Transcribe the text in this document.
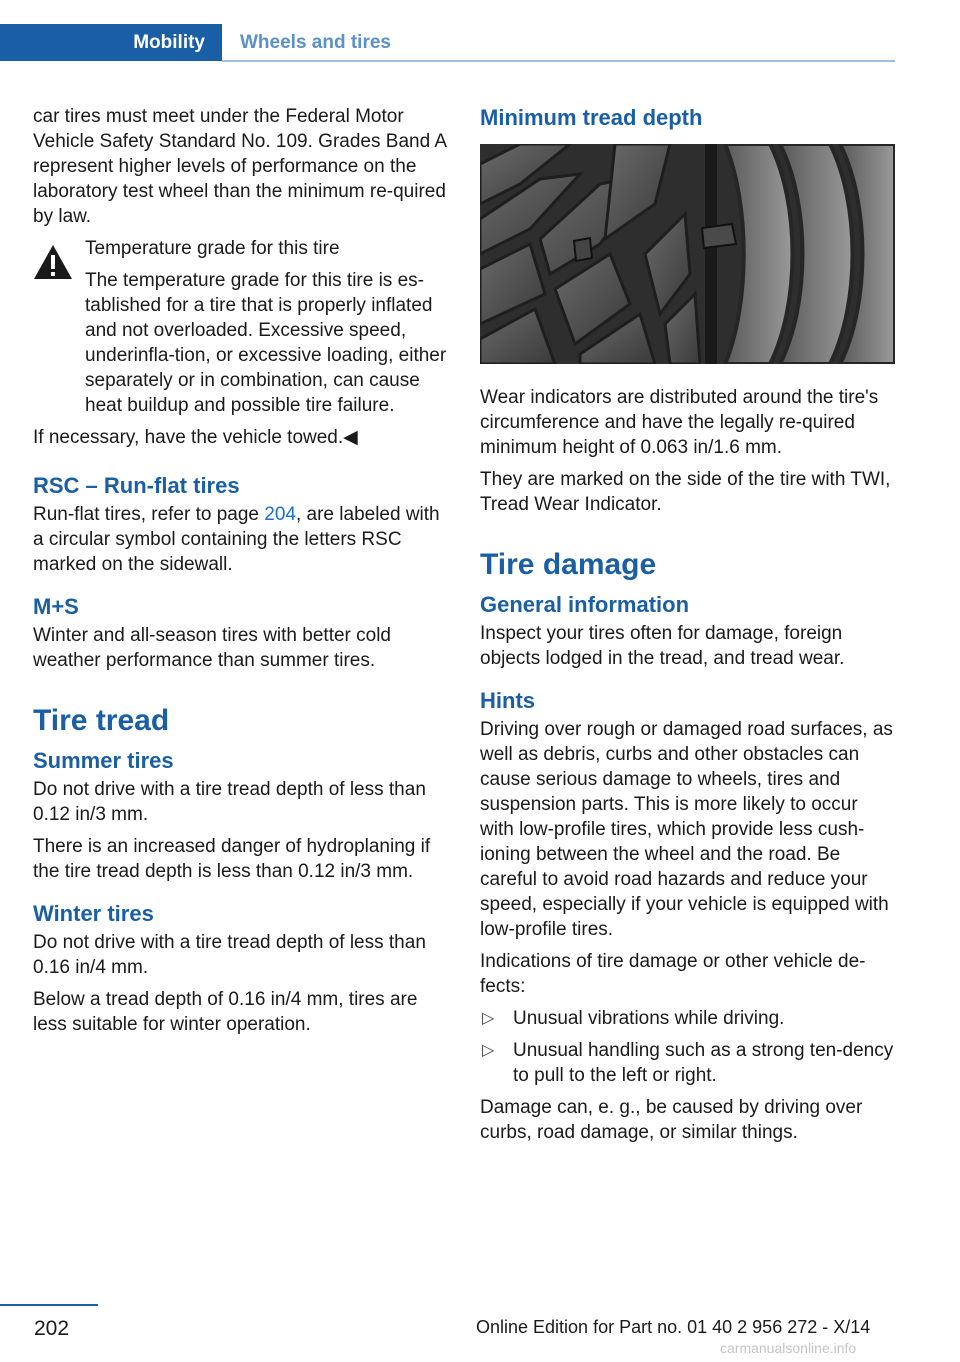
Mobility	Wheels and tires

car tires must meet under the Federal Motor Vehicle Safety Standard No. 109. Grades Band A represent higher levels of performance on the laboratory test wheel than the minimum re‐quired by law.

Temperature grade for this tire

The temperature grade for this tire is es‐tablished for a tire that is properly inflated and not overloaded. Excessive speed, underinfla‐tion, or excessive loading, either separately or in combination, can cause heat buildup and possible tire failure.

If necessary, have the vehicle towed.◀

RSC – Run-flat tires

Run-flat tires, refer to page 204, are labeled with a circular symbol containing the letters RSC marked on the sidewall.

M+S

Winter and all-season tires with better cold weather performance than summer tires.

Tire tread
Summer tires

Do not drive with a tire tread depth of less than 0.12 in/3 mm.

There is an increased danger of hydroplaning if the tire tread depth is less than 0.12 in/3 mm.

Winter tires

Do not drive with a tire tread depth of less than 0.16 in/4 mm.

Below a tread depth of 0.16 in/4 mm, tires are less suitable for winter operation.

Minimum tread depth

Wear indicators are distributed around the tire's circumference and have the legally re‐quired minimum height of 0.063 in/1.6 mm.

They are marked on the side of the tire with TWI, Tread Wear Indicator.

Tire damage
General information

Inspect your tires often for damage, foreign objects lodged in the tread, and tread wear.

Hints

Driving over rough or damaged road surfaces, as well as debris, curbs and other obstacles can cause serious damage to wheels, tires and suspension parts. This is more likely to occur with low-profile tires, which provide less cush‐ioning between the wheel and the road. Be careful to avoid road hazards and reduce your speed, especially if your vehicle is equipped with low-profile tires.

Indications of tire damage or other vehicle de‐fects:

▷ Unusual vibrations while driving.
▷ Unusual handling such as a strong ten‐dency to pull to the left or right.

Damage can, e. g., be caused by driving over curbs, road damage, or similar things.

202	Online Edition for Part no. 01 40 2 956 272 - X/14
carmanualsonline.info
